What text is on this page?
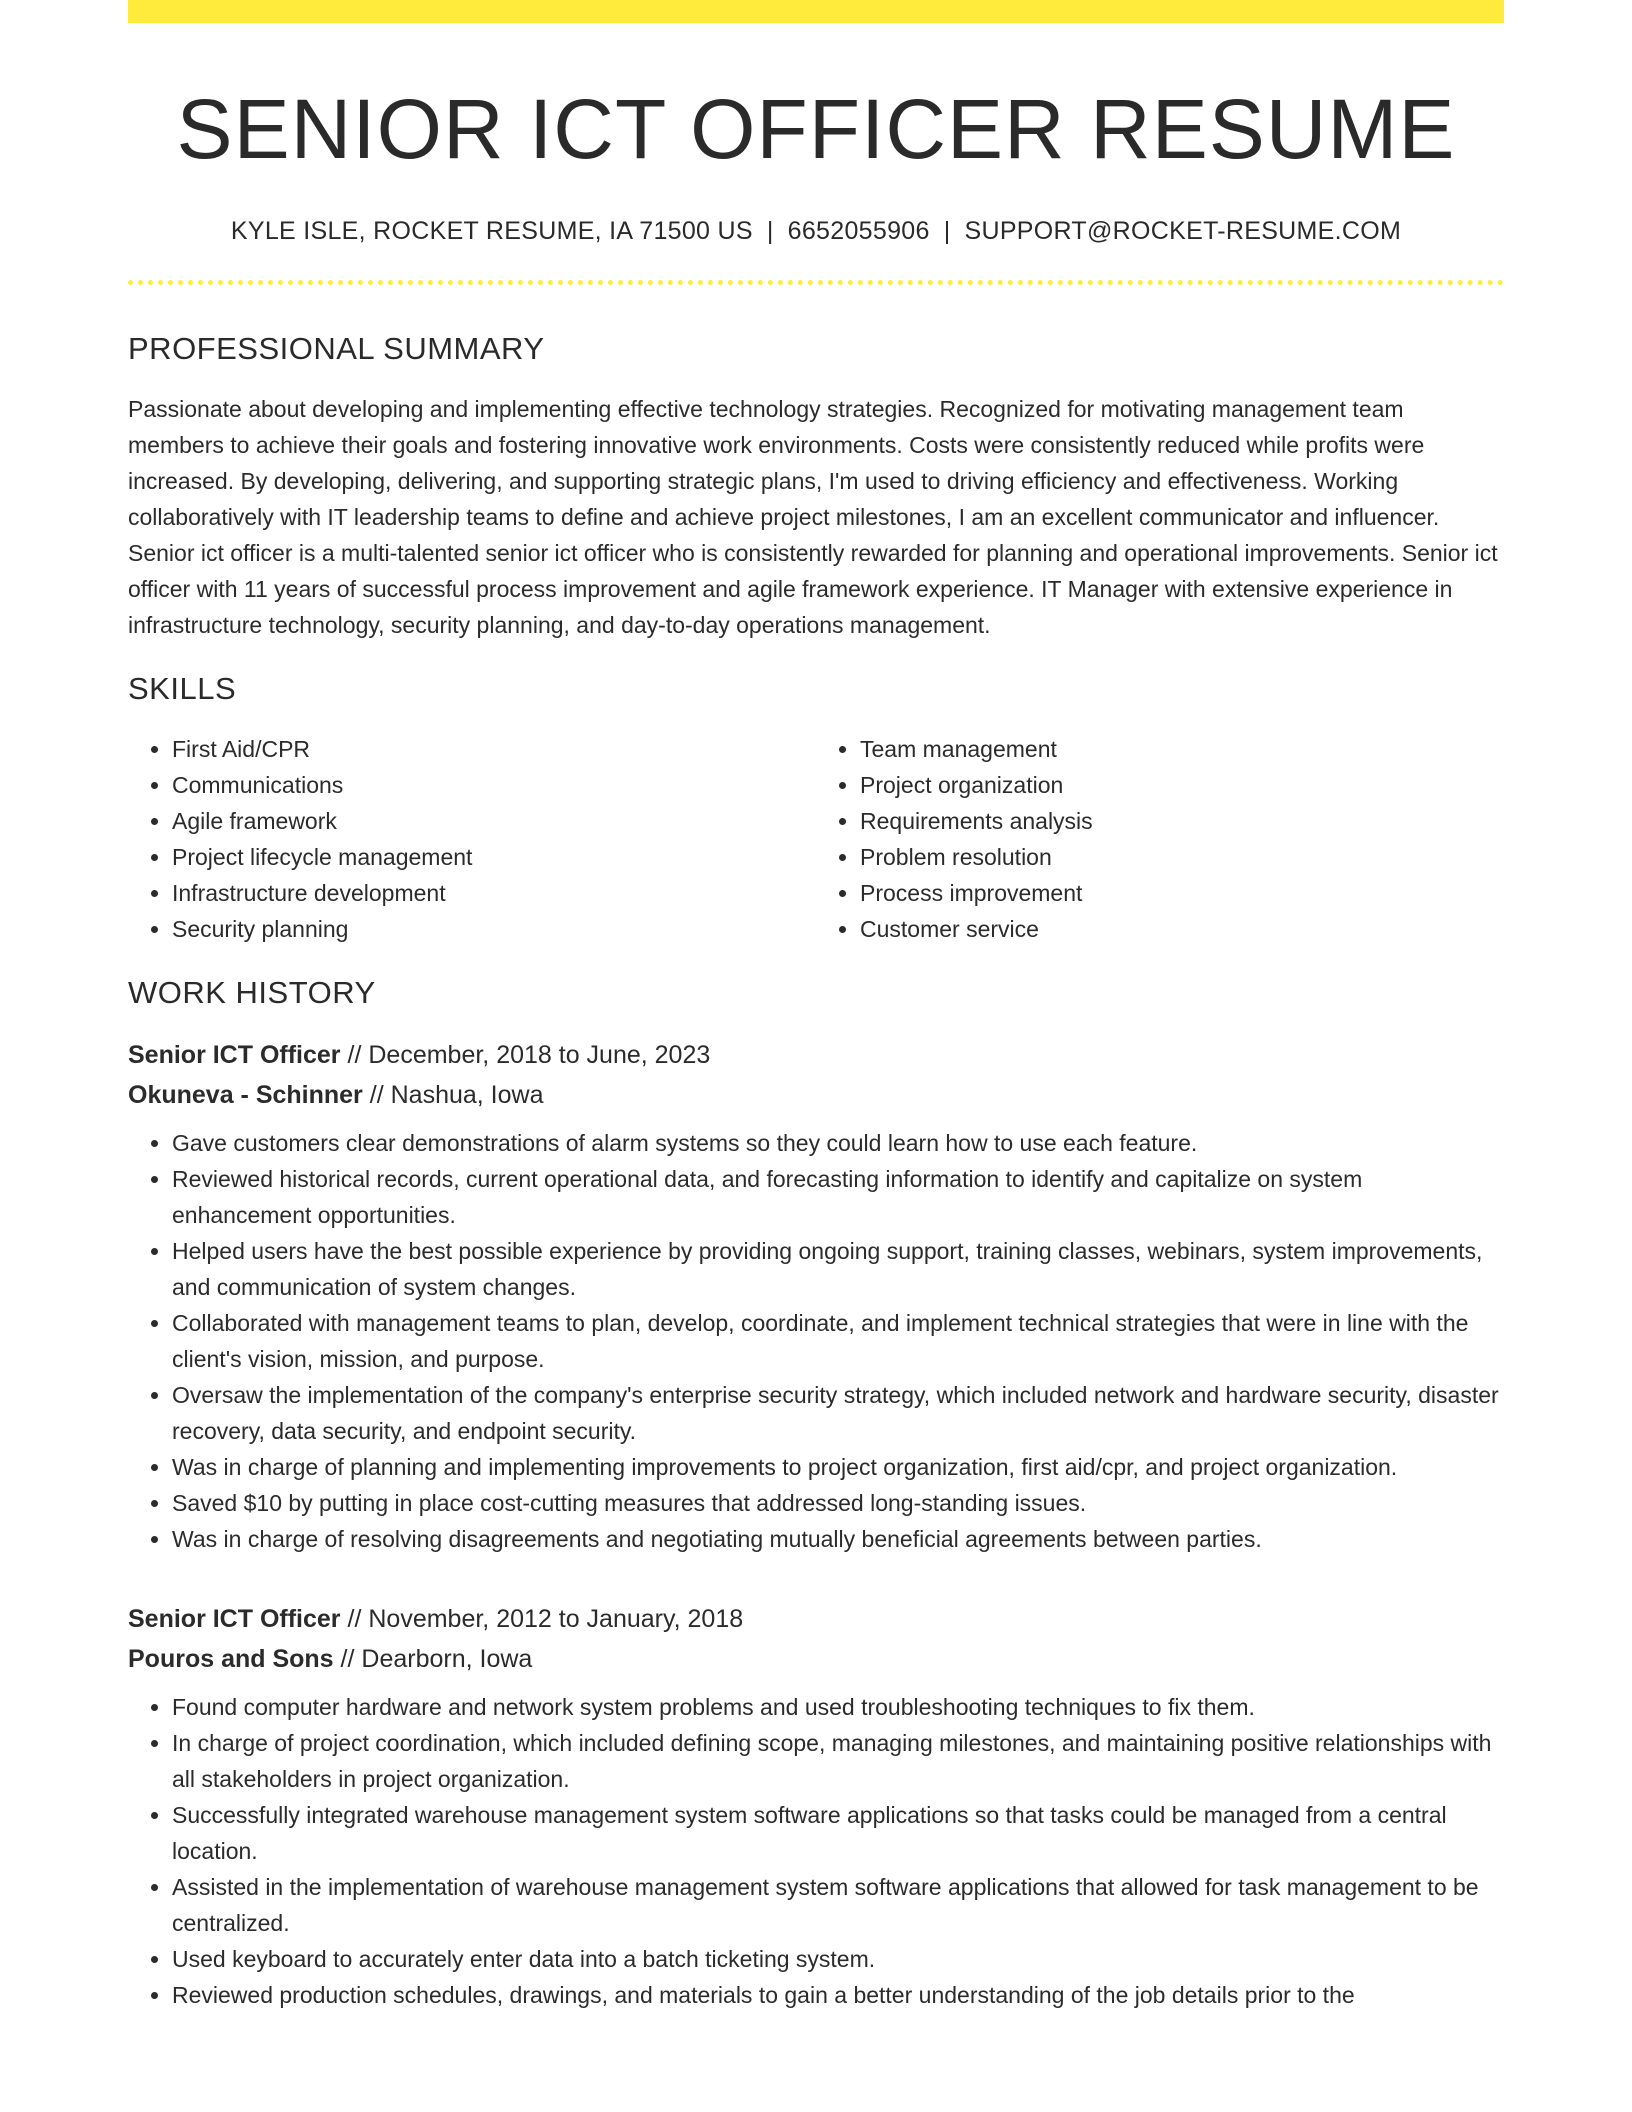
SENIOR ICT OFFICER RESUME
KYLE ISLE, ROCKET RESUME, IA 71500 US | 6652055906 | SUPPORT@ROCKET-RESUME.COM
PROFESSIONAL SUMMARY

Passionate about developing and implementing effective technology strategies. Recognized for motivating management team members to achieve their goals and fostering innovative work environments. Costs were consistently reduced while profits were increased. By developing, delivering, and supporting strategic plans, I'm used to driving efficiency and effectiveness. Working collaboratively with IT leadership teams to define and achieve project milestones, I am an excellent communicator and influencer. Senior ict officer is a multi-talented senior ict officer who is consistently rewarded for planning and operational improvements. Senior ict officer with 11 years of successful process improvement and agile framework experience. IT Manager with extensive experience in infrastructure technology, security planning, and day-to-day operations management.

SKILLS
• First Aid/CPR
• Communications
• Agile framework
• Project lifecycle management
• Infrastructure development
• Security planning
• Team management
• Project organization
• Requirements analysis
• Problem resolution
• Process improvement
• Customer service
WORK HISTORY
Senior ICT Officer // December, 2018 to June, 2023
Okuneva - Schinner // Nashua, Iowa
• Gave customers clear demonstrations of alarm systems so they could learn how to use each feature.
• Reviewed historical records, current operational data, and forecasting information to identify and capitalize on system enhancement opportunities.
• Helped users have the best possible experience by providing ongoing support, training classes, webinars, system improvements, and communication of system changes.
• Collaborated with management teams to plan, develop, coordinate, and implement technical strategies that were in line with the client's vision, mission, and purpose.
• Oversaw the implementation of the company's enterprise security strategy, which included network and hardware security, disaster recovery, data security, and endpoint security.
• Was in charge of planning and implementing improvements to project organization, first aid/cpr, and project organization.
• Saved $10 by putting in place cost-cutting measures that addressed long-standing issues.
• Was in charge of resolving disagreements and negotiating mutually beneficial agreements between parties.
Senior ICT Officer // November, 2012 to January, 2018
Pouros and Sons // Dearborn, Iowa
• Found computer hardware and network system problems and used troubleshooting techniques to fix them.
• In charge of project coordination, which included defining scope, managing milestones, and maintaining positive relationships with all stakeholders in project organization.
• Successfully integrated warehouse management system software applications so that tasks could be managed from a central location.
• Assisted in the implementation of warehouse management system software applications that allowed for task management to be centralized.
• Used keyboard to accurately enter data into a batch ticketing system.
• Reviewed production schedules, drawings, and materials to gain a better understanding of the job details prior to the
